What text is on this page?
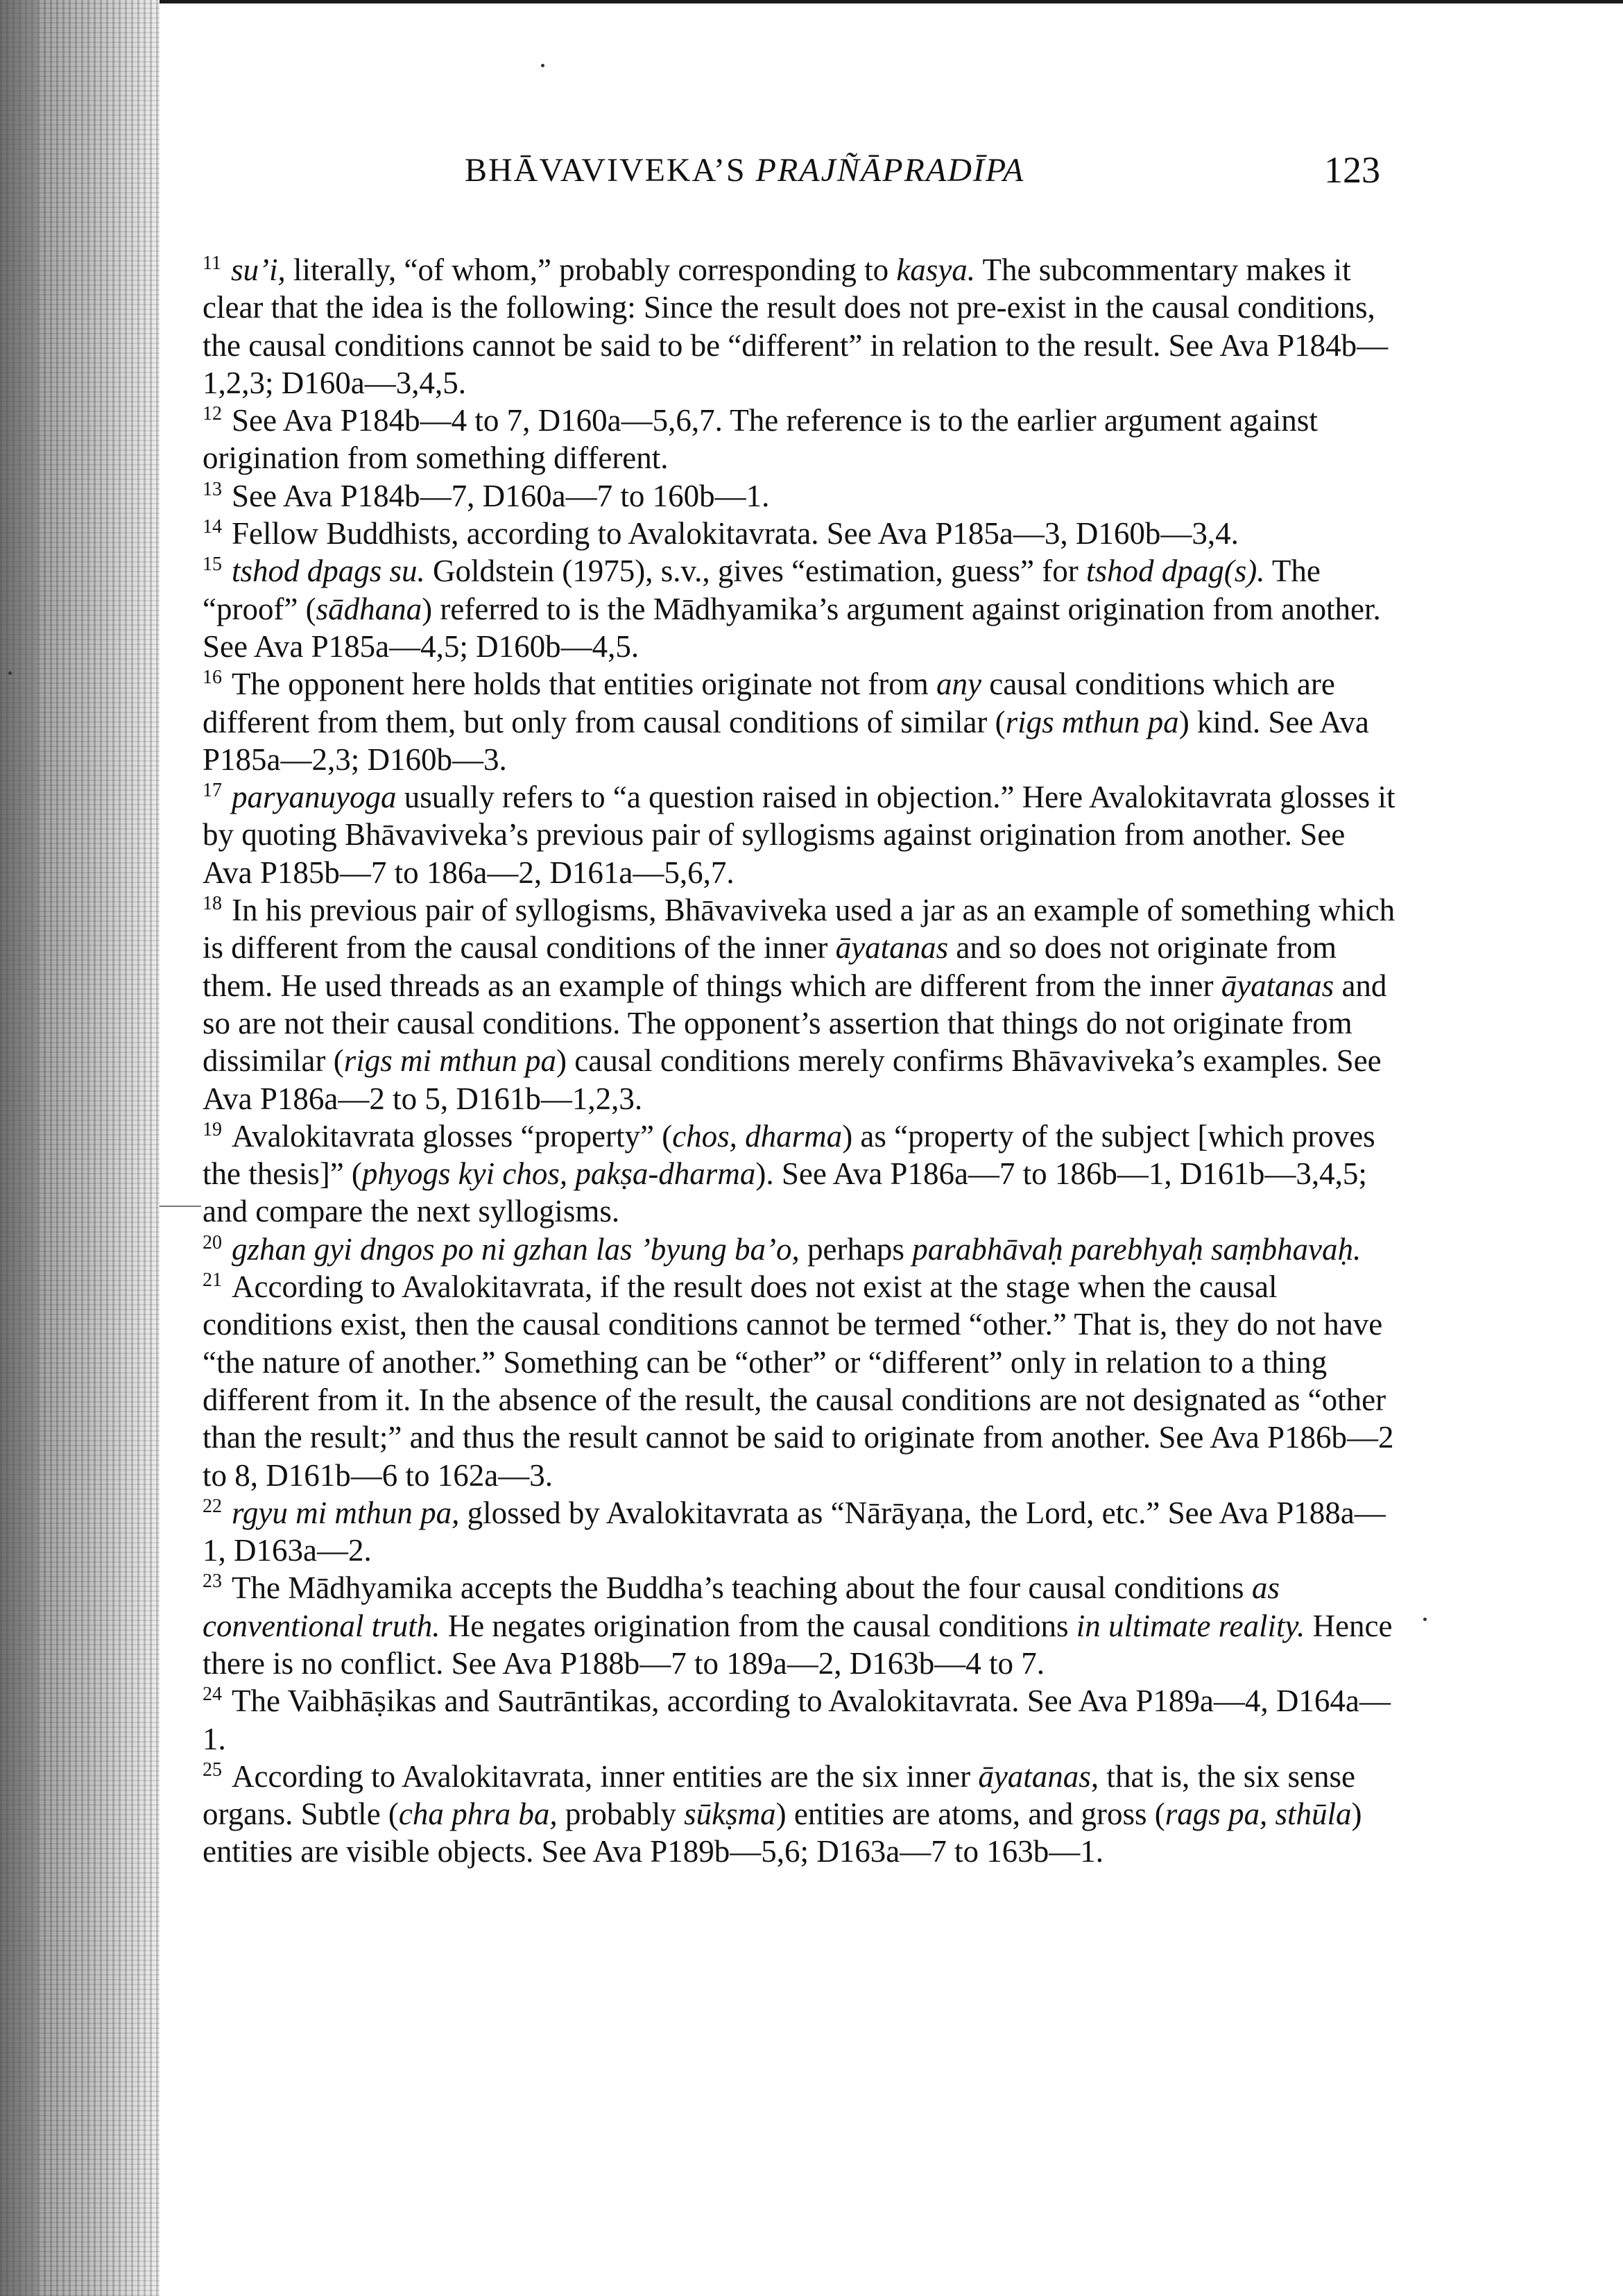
BHĀVAVIVEKA’S PRAJÑĀPRADĪPA	123

$^{11}$ su’i, literally, “of whom,” probably corresponding to kasya. The subcommentary makes it clear that the idea is the following: Since the result does not pre-exist in the causal conditions, the causal conditions cannot be said to be “different” in relation to the result. See Ava P184b—1,2,3; D160a—3,4,5.

$^{12}$ See Ava P184b—4 to 7, D160a—5,6,7. The reference is to the earlier argument against origination from something different.

$^{13}$ See Ava P184b—7, D160a—7 to 160b—1.

$^{14}$ Fellow Buddhists, according to Avalokitavrata. See Ava P185a—3, D160b—3,4.

$^{15}$ tshod dpags su. Goldstein (1975), s.v., gives “estimation, guess” for tshod dpag(s). The “proof” (sādhana) referred to is the Mādhyamika’s argument against origination from another. See Ava P185a—4,5; D160b—4,5.

$^{16}$ The opponent here holds that entities originate not from any causal conditions which are different from them, but only from causal conditions of similar (rigs mthun pa) kind. See Ava P185a—2,3; D160b—3.

$^{17}$ paryanuyoga usually refers to “a question raised in objection.” Here Avalokitavrata glosses it by quoting Bhāvaviveka’s previous pair of syllogisms against origination from another. See Ava P185b—7 to 186a—2, D161a—5,6,7.

$^{18}$ In his previous pair of syllogisms, Bhāvaviveka used a jar as an example of something which is different from the causal conditions of the inner āyatanas and so does not originate from them. He used threads as an example of things which are different from the inner āyatanas and so are not their causal conditions. The opponent’s assertion that things do not originate from dissimilar (rigs mi mthun pa) causal conditions merely confirms Bhāvaviveka’s examples. See Ava P186a—2 to 5, D161b—1,2,3.

$^{19}$ Avalokitavrata glosses “property” (chos, dharma) as “property of the subject [which proves the thesis]” (phyogs kyi chos, pakṣa-dharma). See Ava P186a—7 to 186b—1, D161b—3,4,5; and compare the next syllogisms.

$^{20}$ gzhan gyi dngos po ni gzhan las ’byung ba’o, perhaps parabhāvaḥ parebhyaḥ saṃbhavaḥ.

$^{21}$ According to Avalokitavrata, if the result does not exist at the stage when the causal conditions exist, then the causal conditions cannot be termed “other.” That is, they do not have “the nature of another.” Something can be “other” or “different” only in relation to a thing different from it. In the absence of the result, the causal conditions are not designated as “other than the result;” and thus the result cannot be said to originate from another. See Ava P186b—2 to 8, D161b—6 to 162a—3.

$^{22}$ rgyu mi mthun pa, glossed by Avalokitavrata as “Nārāyaṇa, the Lord, etc.” See Ava P188a—1, D163a—2.

$^{23}$ The Mādhyamika accepts the Buddha’s teaching about the four causal conditions as conventional truth. He negates origination from the causal conditions in ultimate reality. Hence there is no conflict. See Ava P188b—7 to 189a—2, D163b—4 to 7.

$^{24}$ The Vaibhāṣikas and Sautrāntikas, according to Avalokitavrata. See Ava P189a—4, D164a—1.

$^{25}$ According to Avalokitavrata, inner entities are the six inner āyatanas, that is, the six sense organs. Subtle (cha phra ba, probably sūkṣma) entities are atoms, and gross (rags pa, sthūla) entities are visible objects. See Ava P189b—5,6; D163a—7 to 163b—1.
